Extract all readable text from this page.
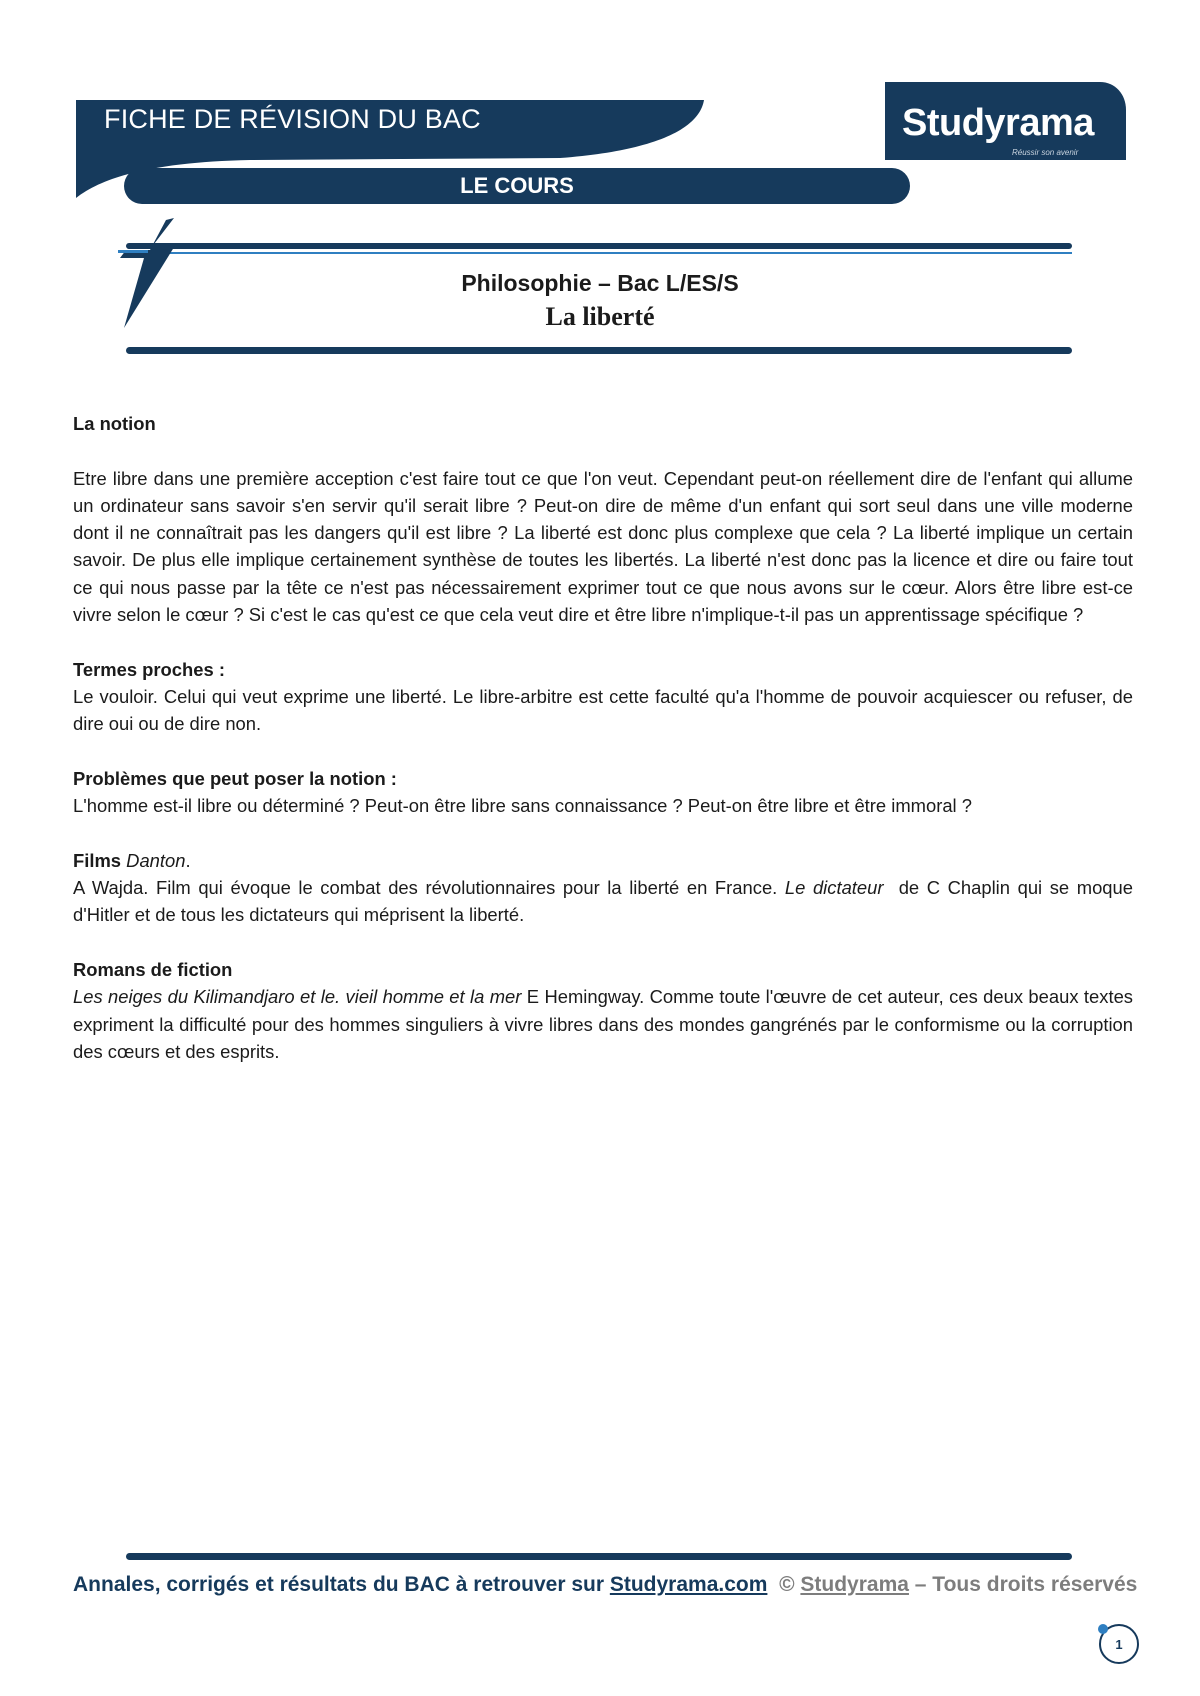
FICHE DE RÉVISION DU BAC
LE COURS
Studyrama
Réussir son avenir
Philosophie – Bac L/ES/S
La liberté

La notion

Etre libre dans une première acception c'est faire tout ce que l'on veut. Cependant peut-on réellement dire de l'enfant qui allume un ordinateur sans savoir s'en servir qu'il serait libre ? Peut-on dire de même d'un enfant qui sort seul dans une ville moderne dont il ne connaîtrait pas les dangers qu'il est libre ? La liberté est donc plus complexe que cela ? La liberté implique un certain savoir. De plus elle implique certainement synthèse de toutes les libertés. La liberté n'est donc pas la licence et dire ou faire tout ce qui nous passe par la tête ce n'est pas nécessairement exprimer tout ce que nous avons sur le cœur. Alors être libre est-ce vivre selon le cœur ? Si c'est le cas qu'est ce que cela veut dire et être libre n'implique-t-il pas un apprentissage spécifique ?

Termes proches :

Le vouloir. Celui qui veut exprime une liberté. Le libre-arbitre est cette faculté qu'a l'homme de pouvoir acquiescer ou refuser, de dire oui ou de dire non.

Problèmes que peut poser la notion :

L'homme est-il libre ou déterminé ? Peut-on être libre sans connaissance ? Peut-on être libre et être immoral ?

Films Danton.

A Wajda. Film qui évoque le combat des révolutionnaires pour la liberté en France. Le dictateur de C Chaplin qui se moque d'Hitler et de tous les dictateurs qui méprisent la liberté.

Romans de fiction

Les neiges du Kilimandjaro et le. vieil homme et la mer E Hemingway. Comme toute l'œuvre de cet auteur, ces deux beaux textes expriment la difficulté pour des hommes singuliers à vivre libres dans des mondes gangrénés par le conformisme ou la corruption des cœurs et des esprits.

Annales, corrigés et résultats du BAC à retrouver sur Studyrama.com © Studyrama – Tous droits réservés
1
